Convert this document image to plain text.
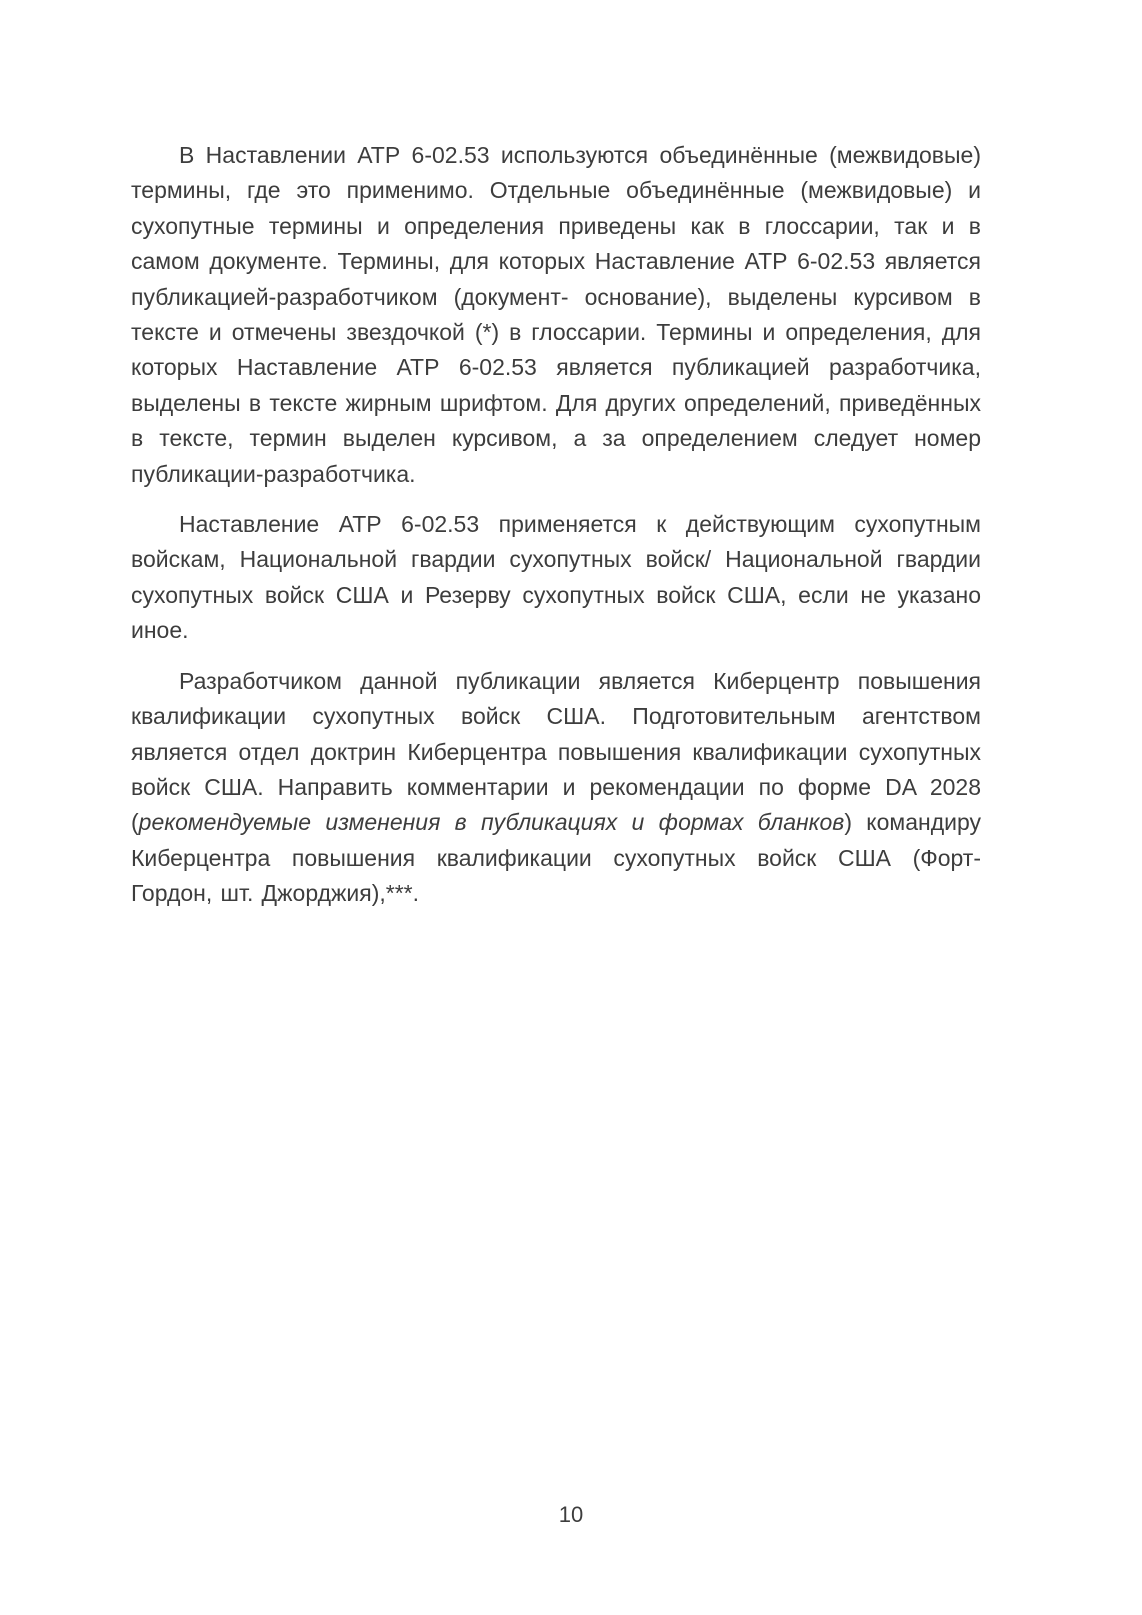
В Наставлении АТР 6-02.53 используются объединённые (межвидовые) термины, где это применимо. Отдельные объединённые (межвидовые) и сухопутные термины и определения приведены как в глоссарии, так и в самом документе. Термины, для которых Наставление АТР 6-02.53 является публикацией-разработчиком (документ- основание), выделены курсивом в тексте и отмечены звездочкой (*) в глоссарии. Термины и определения, для которых Наставление АТР 6-02.53 является публикацией разработчика, выделены в тексте жирным шрифтом. Для других определений, приведённых в тексте, термин выделен курсивом, а за определением следует номер публикации-разработчика.

Наставление АТР 6-02.53 применяется к действующим сухопутным войскам, Национальной гвардии сухопутных войск/ Национальной гвардии сухопутных войск США и Резерву сухопутных войск США, если не указано иное.

Разработчиком данной публикации является Киберцентр повышения квалификации сухопутных войск США. Подготовительным агентством является отдел доктрин Киберцентра повышения квалификации сухопутных войск США. Направить комментарии и рекомендации по форме DA 2028 (рекомендуемые изменения в публикациях и формах бланков) командиру Киберцентра повышения квалификации сухопутных войск США (Форт-Гордон, шт. Джорджия),***.

10
